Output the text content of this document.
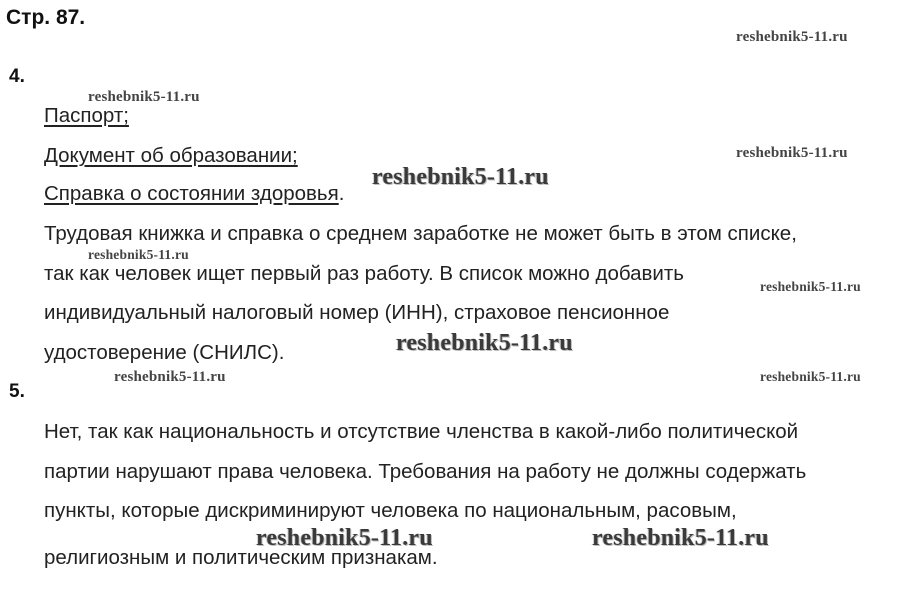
Стр. 87.
4.
Паспорт;
Документ об образовании;
Справка о состоянии здоровья.
Трудовая книжка и справка о среднем заработке не может быть в этом списке,
так как человек ищет первый раз работу. В список можно добавить
индивидуальный налоговый номер (ИНН), страховое пенсионное
удостоверение (СНИЛС).
5.
Нет, так как национальность и отсутствие членства в какой-либо политической
партии нарушают права человека. Требования на работу не должны содержать
пункты, которые дискриминируют человека по национальным, расовым,
религиозным и политическим признакам.
reshebnik5-11.ru
reshebnik5-11.ru
reshebnik5-11.ru
reshebnik5-11.ru
reshebnik5-11.ru
reshebnik5-11.ru
reshebnik5-11.ru
reshebnik5-11.ru	reshebnik5-11.ru
reshebnik5-11.ru	reshebnik5-11.ru
